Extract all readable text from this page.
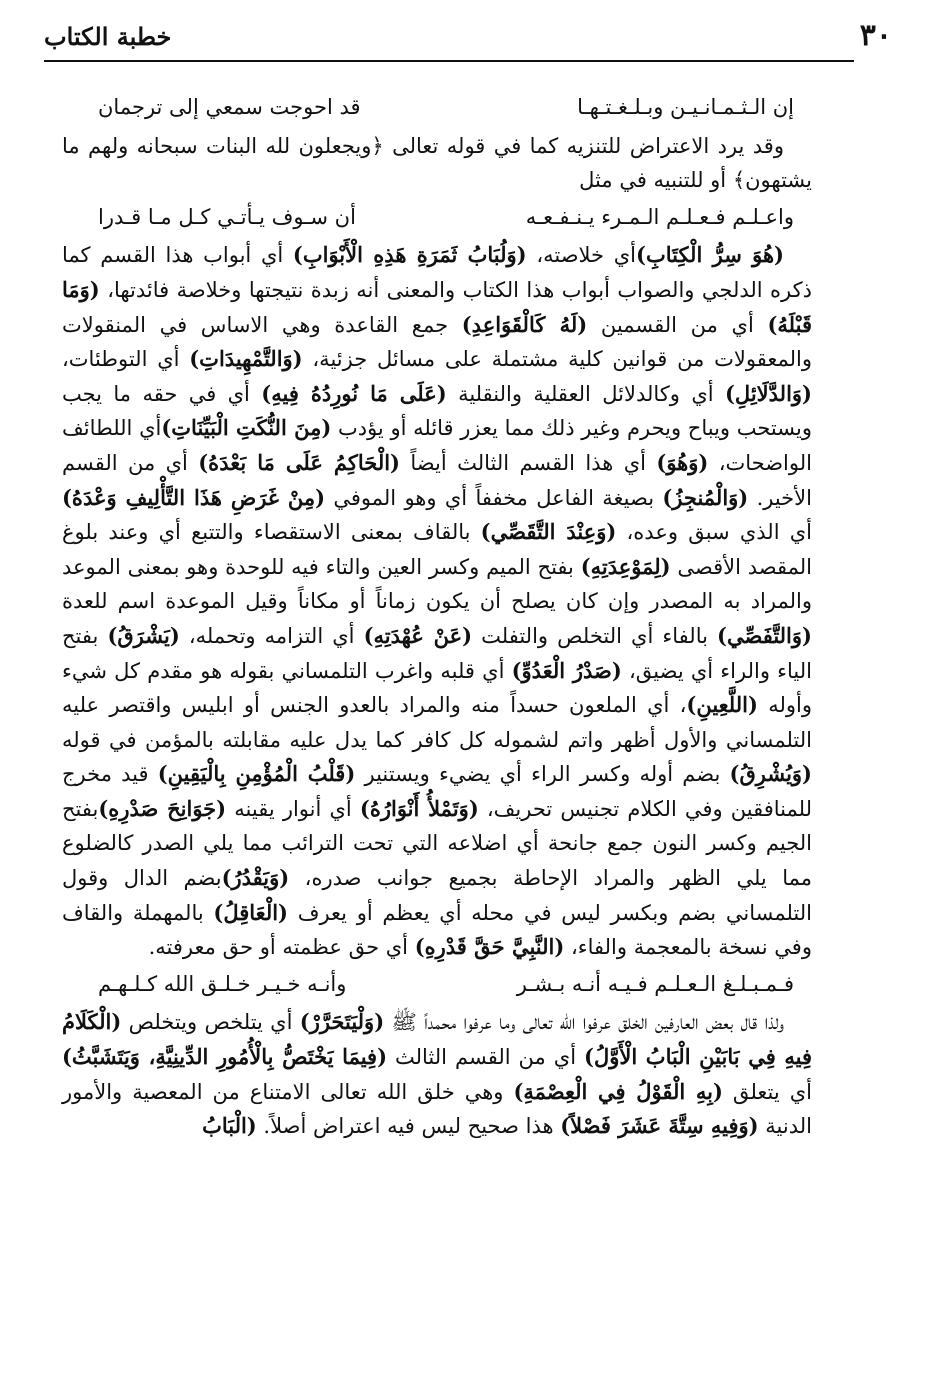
٣٠
خطبة الكتاب
إن الـثـمـانـيـن وبـلـغـتـهـا
قد احوجت سمعي إلى ترجمان

وقد يرد الاعتراض للتنزيه كما في قوله تعالى ﴿ويجعلون لله البنات سبحانه ولهم ما يشتهون﴾ أو للتنبيه في مثل

واعـلـم فـعـلـم الـمـرء يـنـفـعـه
أن سـوف يـأتـي كـل مـا قـدرا

(هُوَ سِرُّ الْكِتَابِ)أي خلاصته، (وَلُبَابُ ثَمَرَةِ هَذِهِ الْأَبْوَابِ) أي أبواب هذا القسم كما ذكره الدلجي والصواب أبواب هذا الكتاب والمعنى أنه زبدة نتيجتها وخلاصة فائدتها، (وَمَا قَبْلَهُ) أي من القسمين (لَهُ كَالْقَوَاعِدِ) جمع القاعدة وهي الاساس في المنقولات والمعقولات من قوانين كلية مشتملة على مسائل جزئية، (وَالتَّمْهِيدَاتِ) أي التوطئات، (وَالدَّلَائِلِ) أي وكالدلائل العقلية والنقلية (عَلَى مَا نُورِدُهُ فِيهِ) أي في حقه ما يجب ويستحب ويباح ويحرم وغير ذلك مما يعزر قائله أو يؤدب (مِنَ النُّكَتِ الْبَيِّنَاتِ)أي اللطائف الواضحات، (وَهُوَ) أي هذا القسم الثالث أيضاً (الْحَاكِمُ عَلَى مَا بَعْدَهُ) أي من القسم الأخير. (وَالْمُنجِزُ) بصيغة الفاعل مخففاً أي وهو الموفي (مِنْ غَرَضِ هَذَا التَّأْلِيفِ وَعْدَهُ) أي الذي سبق وعده، (وَعِنْدَ التَّقَصِّي) بالقاف بمعنى الاستقصاء والتتبع أي وعند بلوغ المقصد الأقصى (لِمَوْعِدَتِهِ) بفتح الميم وكسر العين والتاء فيه للوحدة وهو بمعنى الموعد والمراد به المصدر وإن كان يصلح أن يكون زماناً أو مكاناً وقيل الموعدة اسم للعدة (وَالتَّفَصِّي) بالفاء أي التخلص والتفلت (عَنْ عُهْدَتِهِ) أي التزامه وتحمله، (يَشْرَقُ) بفتح الياء والراء أي يضيق، (صَدْرُ الْعَدُوِّ) أي قلبه واغرب التلمساني بقوله هو مقدم كل شيء وأوله (اللَّعِينِ)، أي الملعون حسداً منه والمراد بالعدو الجنس أو ابليس واقتصر عليه التلمساني والأول أظهر واتم لشموله كل كافر كما يدل عليه مقابلته بالمؤمن في قوله (وَيُشْرِقُ) بضم أوله وكسر الراء أي يضيء ويستنير (قَلْبُ الْمُؤْمِنِ بِالْيَقِينِ) قيد مخرج للمنافقين وفي الكلام تجنيس تحريف، (وَتَمْلأُ أَنْوَارُهُ) أي أنوار يقينه (جَوَانِحَ صَدْرِهِ)بفتح الجيم وكسر النون جمع جانحة أي اضلاعه التي تحت الترائب مما يلي الصدر كالضلوع مما يلي الظهر والمراد الإحاطة بجميع جوانب صدره، (وَيَقْدُرُ)بضم الدال وقول التلمساني بضم وبكسر ليس في محله أي يعظم أو يعرف (الْعَاقِلُ) بالمهملة والقاف وفي نسخة بالمعجمة والفاء، (النَّبِيَّ حَقَّ قَدْرِهِ) أي حق عظمته أو حق معرفته.

فـمـبـلـغ الـعـلـم فـيـه أنـه بـشـر
وأنـه خـيـر خـلـق الله كـلـهـم

ولذا قال بعض العارفين الخلق عرفوا الله تعالى وما عرفوا محمداً ﷺ (وَلْيَتَحَرَّرْ) أي يتلخص ويتخلص (الْكَلَامُ فِيهِ فِي بَابَيْنِ الْبَابُ الْأَوَّلُ) أي من القسم الثالث (فِيمَا يَخْتَصُّ بِالْأُمُورِ الدِّينِيَّةِ، وَيَتَشَبَّثُ) أي يتعلق (بِهِ الْقَوْلُ فِي الْعِصْمَةِ) وهي خلق الله تعالى الامتناع من المعصية والأمور الدنية (وَفِيهِ سِتَّةَ عَشَرَ فَصْلاً) هذا صحيح ليس فيه اعتراض أصلاً. (الْبَابُ
